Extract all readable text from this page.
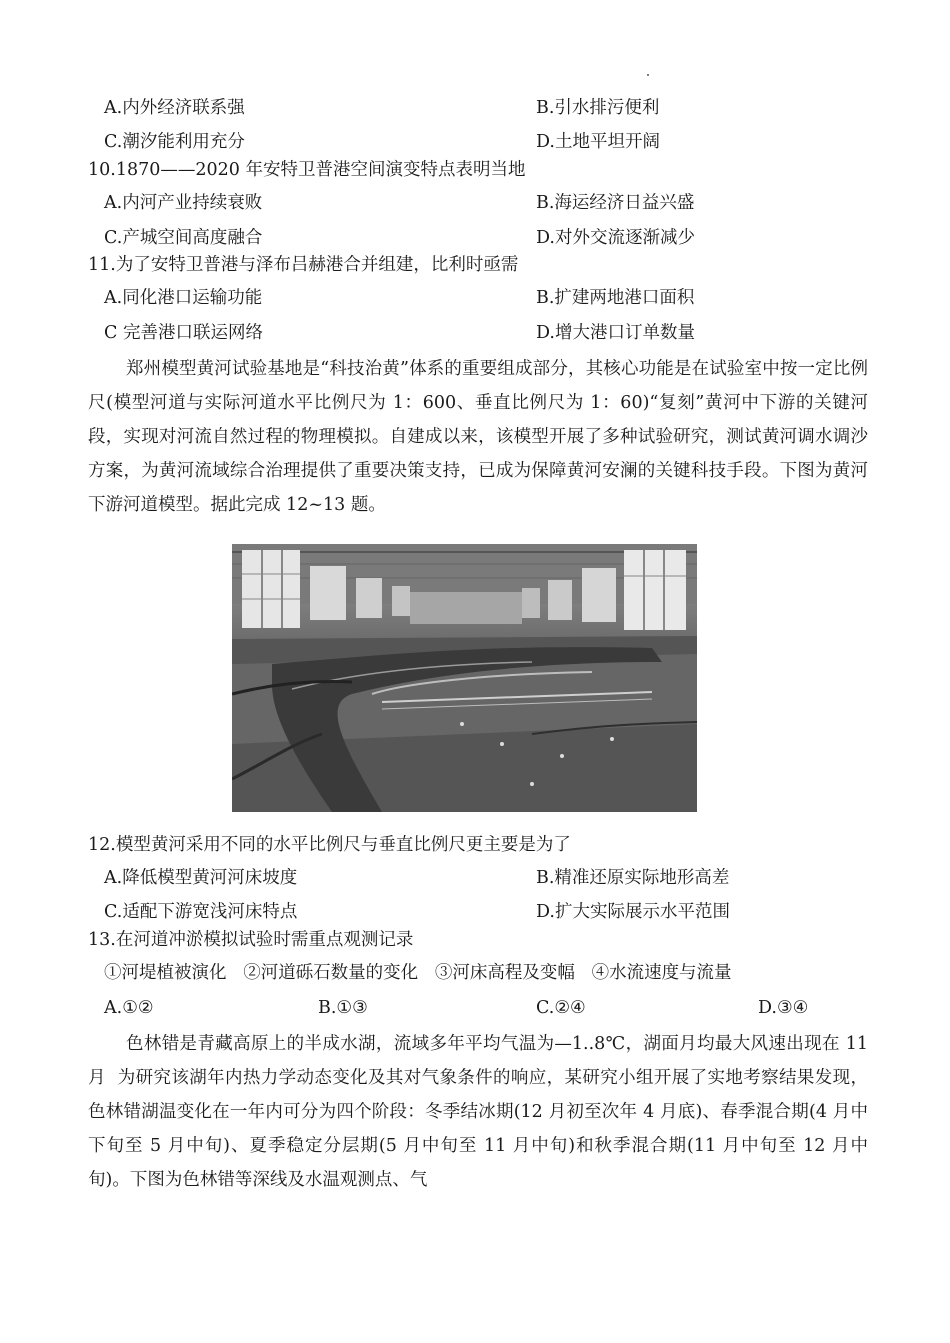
A.内外经济联系强	B.引水排污便利
C.潮汐能利用充分	D.土地平坦开阔
10.1870——2020 年安特卫普港空间演变特点表明当地
A.内河产业持续衰败	B.海运经济日益兴盛
C.产城空间高度融合	D.对外交流逐渐减少
11.为了安特卫普港与泽布吕赫港合并组建，比利时亟需
A.同化港口运输功能	B.扩建两地港口面积
C 完善港口联运网络	D.增大港口订单数量
郑州模型黄河试验基地是“科技治黄”体系的重要组成部分，其核心功能是在试验室中按一定比例尺(模型河道与实际河道水平比例尺为 1：600、垂直比例尺为 1：60)“复刻”黄河中下游的关键河段，实现对河流自然过程的物理模拟。自建成以来，该模型开展了多种试验研究，测试黄河调水调沙方案，为黄河流域综合治理提供了重要决策支持，已成为保障黄河安澜的关键科技手段。下图为黄河下游河道模型。据此完成 12~13 题。
12.模型黄河采用不同的水平比例尺与垂直比例尺更主要是为了
A.降低模型黄河河床坡度	B.精准还原实际地形高差
C.适配下游宽浅河床特点	D.扩大实际展示水平范围
13.在河道冲淤模拟试验时需重点观测记录
①河堤植被演化   ②河道砾石数量的变化   ③河床高程及变幅   ④水流速度与流量
A.①②	B.①③	C.②④	D.③④
色林错是青藏高原上的半成水湖，流域多年平均气温为—1..8℃，湖面月均最大风速出现在 11 月  为研究该湖年内热力学动态变化及其对气象条件的响应，某研究小组开展了实地考察结果发现，色林错湖温变化在一年内可分为四个阶段：冬季结冰期(12 月初至次年 4 月底)、春季混合期(4 月中下旬至 5 月中旬)、夏季稳定分层期(5 月中旬至 11 月中旬)和秋季混合期(11 月中旬至 12 月中旬)。下图为色林错等深线及水温观测点、气
